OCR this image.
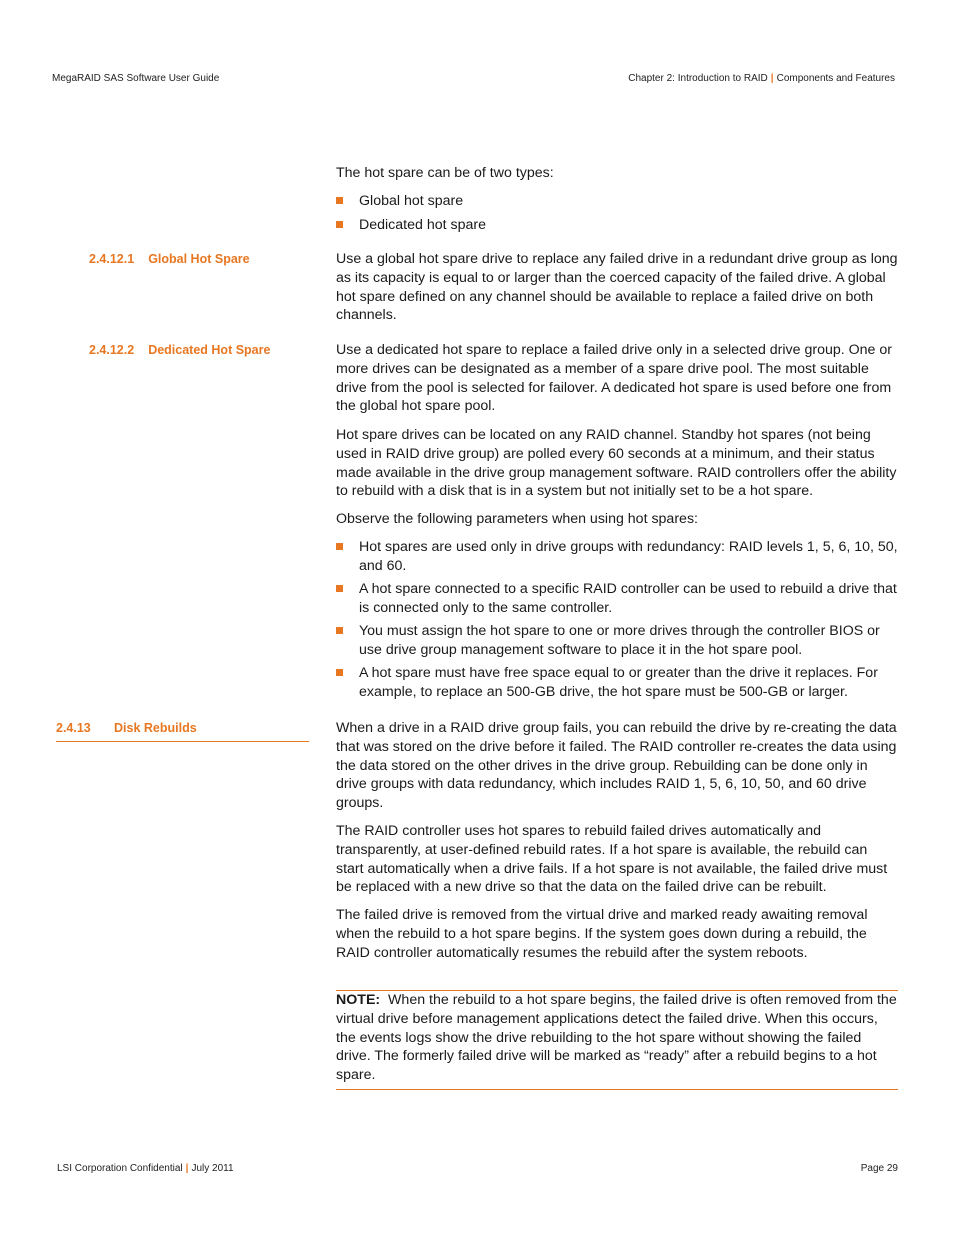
MegaRAID SAS Software User Guide	Chapter 2: Introduction to RAID | Components and Features

The hot spare can be of two types:

Global hot spare
Dedicated hot spare
2.4.12.1 Global Hot Spare	Use a global hot spare drive to replace any failed drive in a redundant drive group as long as its capacity is equal to or larger than the coerced capacity of the failed drive. A global hot spare defined on any channel should be available to replace a failed drive on both channels.

2.4.12.2 Dedicated Hot Spare	Use a dedicated hot spare to replace a failed drive only in a selected drive group. One or more drives can be designated as a member of a spare drive pool. The most suitable drive from the pool is selected for failover. A dedicated hot spare is used before one from the global hot spare pool.

Hot spare drives can be located on any RAID channel. Standby hot spares (not being used in RAID drive group) are polled every 60 seconds at a minimum, and their status made available in the drive group management software. RAID controllers offer the ability to rebuild with a disk that is in a system but not initially set to be a hot spare.

Observe the following parameters when using hot spares:

Hot spares are used only in drive groups with redundancy: RAID levels 1, 5, 6, 10, 50, and 60.
A hot spare connected to a specific RAID controller can be used to rebuild a drive that is connected only to the same controller.
You must assign the hot spare to one or more drives through the controller BIOS or use drive group management software to place it in the hot spare pool.
A hot spare must have free space equal to or greater than the drive it replaces. For example, to replace an 500-GB drive, the hot spare must be 500-GB or larger.
2.4.13 Disk Rebuilds	When a drive in a RAID drive group fails, you can rebuild the drive by re-creating the data that was stored on the drive before it failed. The RAID controller re-creates the data using the data stored on the other drives in the drive group. Rebuilding can be done only in drive groups with data redundancy, which includes RAID 1, 5, 6, 10, 50, and 60 drive groups.

The RAID controller uses hot spares to rebuild failed drives automatically and transparently, at user-defined rebuild rates. If a hot spare is available, the rebuild can start automatically when a drive fails. If a hot spare is not available, the failed drive must be replaced with a new drive so that the data on the failed drive can be rebuilt.

The failed drive is removed from the virtual drive and marked ready awaiting removal when the rebuild to a hot spare begins. If the system goes down during a rebuild, the RAID controller automatically resumes the rebuild after the system reboots.

NOTE: When the rebuild to a hot spare begins, the failed drive is often removed from the virtual drive before management applications detect the failed drive. When this occurs, the events logs show the drive rebuilding to the hot spare without showing the failed drive. The formerly failed drive will be marked as “ready” after a rebuild begins to a hot spare.

LSI Corporation Confidential | July 2011	Page 29
